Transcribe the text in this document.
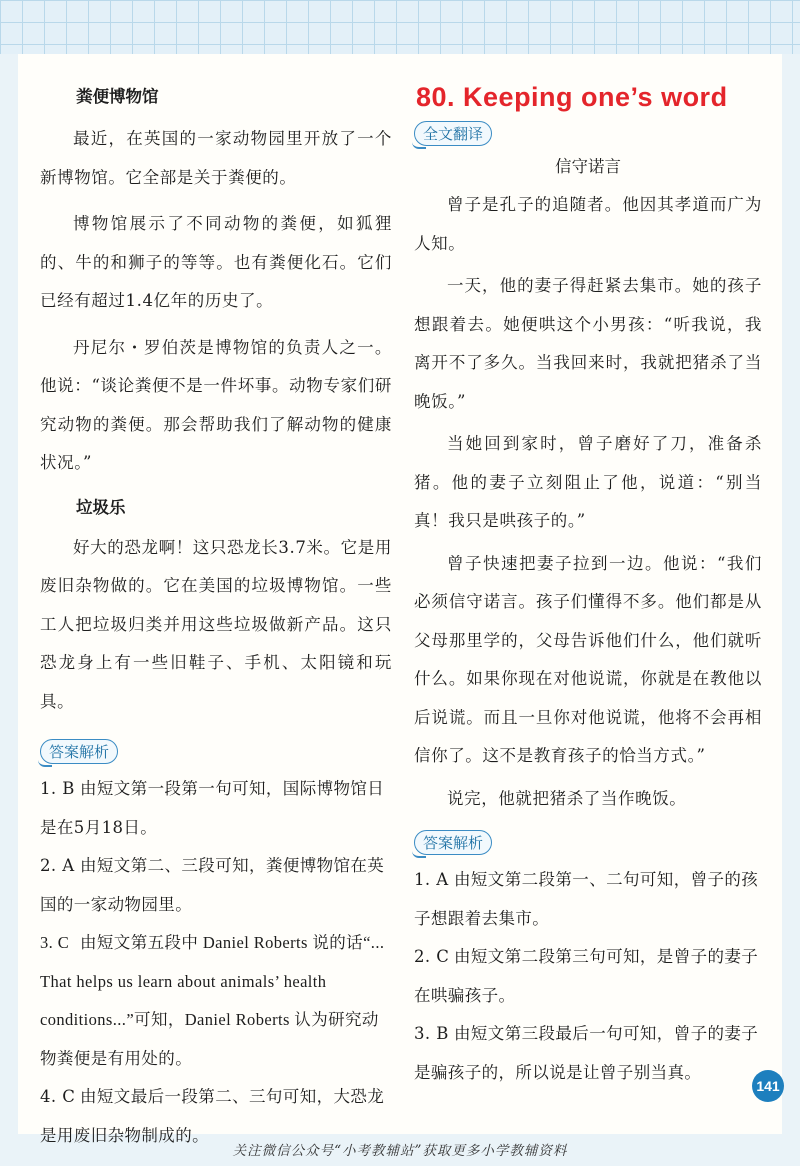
粪便博物馆

最近，在英国的一家动物园里开放了一个新博物馆。它全部是关于粪便的。

博物馆展示了不同动物的粪便，如狐狸的、牛的和狮子的等等。也有粪便化石。它们已经有超过1.4亿年的历史了。

丹尼尔・罗伯茨是博物馆的负责人之一。他说：“谈论粪便不是一件坏事。动物专家们研究动物的粪便。那会帮助我们了解动物的健康状况。”

垃圾乐

好大的恐龙啊！这只恐龙长3.7米。它是用废旧杂物做的。它在美国的垃圾博物馆。一些工人把垃圾归类并用这些垃圾做新产品。这只恐龙身上有一些旧鞋子、手机、太阳镜和玩具。

答案解析

1. B 由短文第一段第一句可知，国际博物馆日是在5月18日。

2. A 由短文第二、三段可知，粪便博物馆在英国的一家动物园里。

3. C 由短文第五段中 Daniel Roberts 说的话“... That helps us learn about animals’ health conditions...”可知，Daniel Roberts 认为研究动物粪便是有用处的。

4. C 由短文最后一段第二、三句可知，大恐龙是用废旧杂物制成的。

80. Keeping one’s word
全文翻译

信守诺言

曾子是孔子的追随者。他因其孝道而广为人知。

一天，他的妻子得赶紧去集市。她的孩子想跟着去。她便哄这个小男孩：“听我说，我离开不了多久。当我回来时，我就把猪杀了当晚饭。”

当她回到家时，曾子磨好了刀，准备杀猪。他的妻子立刻阻止了他，说道：“别当真！我只是哄孩子的。”

曾子快速把妻子拉到一边。他说：“我们必须信守诺言。孩子们懂得不多。他们都是从父母那里学的，父母告诉他们什么，他们就听什么。如果你现在对他说谎，你就是在教他以后说谎。而且一旦你对他说谎，他将不会再相信你了。这不是教育孩子的恰当方式。”

说完，他就把猪杀了当作晚饭。

答案解析

1. A 由短文第二段第一、二句可知，曾子的孩子想跟着去集市。

2. C 由短文第二段第三句可知，是曾子的妻子在哄骗孩子。

3. B 由短文第三段最后一句可知，曾子的妻子是骗孩子的，所以说是让曾子别当真。

141
关注微信公众号“小考教辅站”获取更多小学教辅资料
